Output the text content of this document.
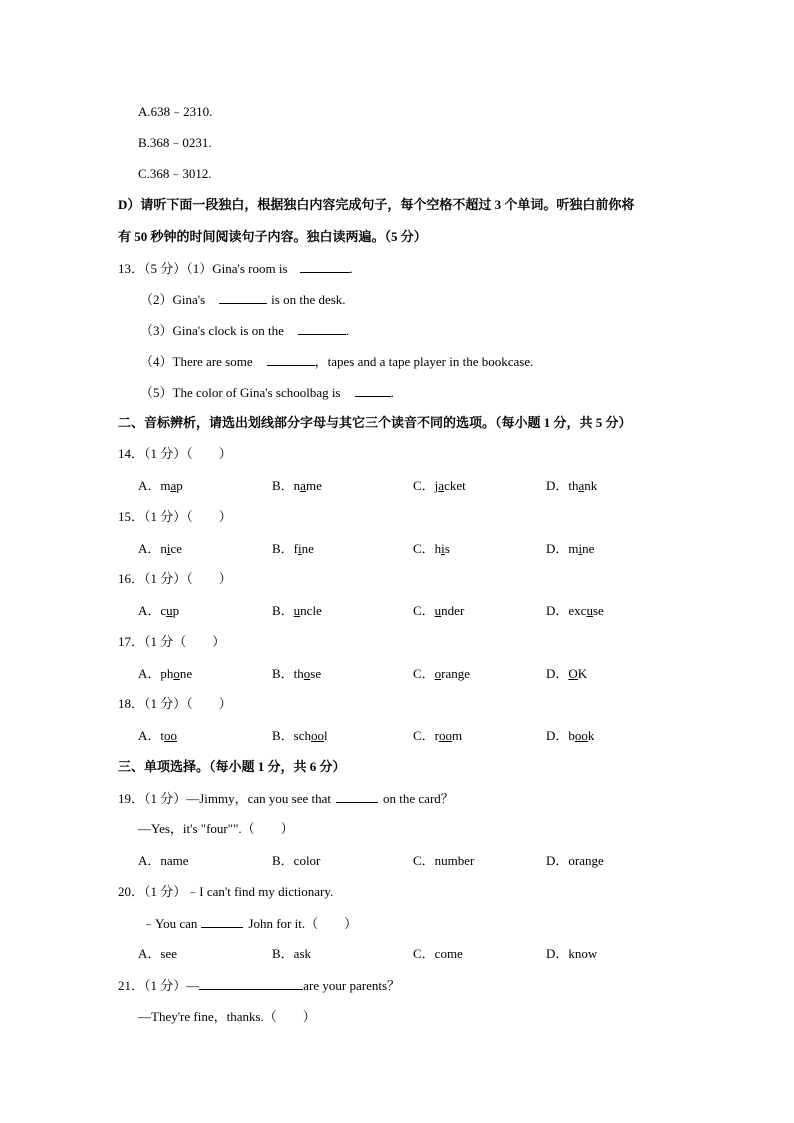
A.638﹣2310.
B.368﹣0231.
C.368﹣3012.
D）请听下面一段独白，根据独白内容完成句子，每个空格不超过 3 个单词。听独白前你将
有 50 秒钟的时间阅读句子内容。独白读两遍。（5 分）
13．（5 分）（1）Gina's room is	.
（2）Gina's	is on the desk.
（3）Gina's clock is on the	.
（4）There are some	，tapes and a tape player in the bookcase.
（5）The color of Gina's schoolbag is	.
二、音标辨析，请选出划线部分字母与其它三个读音不同的选项。（每小题 1 分，共 5 分）
14．（1 分）（　　）
A．map	B．name	C．jacket	D．thank
15．（1 分）（　　）
A．nice	B．fine	C．his	D．mine
16．（1 分）（　　）
A．cup	B．uncle	C．under	D．excuse
17．（1 分（　　）
A．phone	B．those	C．orange	D．OK
18．（1 分）（　　）
A．too	B．school	C．room	D．book
三、单项选择。（每小题 1 分，共 6 分）
19．（1 分）—Jimmy，can you see that	on the card？
—Yes，it's "four"".（　　）
A．name	B．color	C．number	D．orange
20．（1 分）﹣I can't find my dictionary.
﹣You can	John for it.（　　）
A．see	B．ask	C．come	D．know
21．（1 分）—	are your parents？
—They're fine，thanks.（　　）
